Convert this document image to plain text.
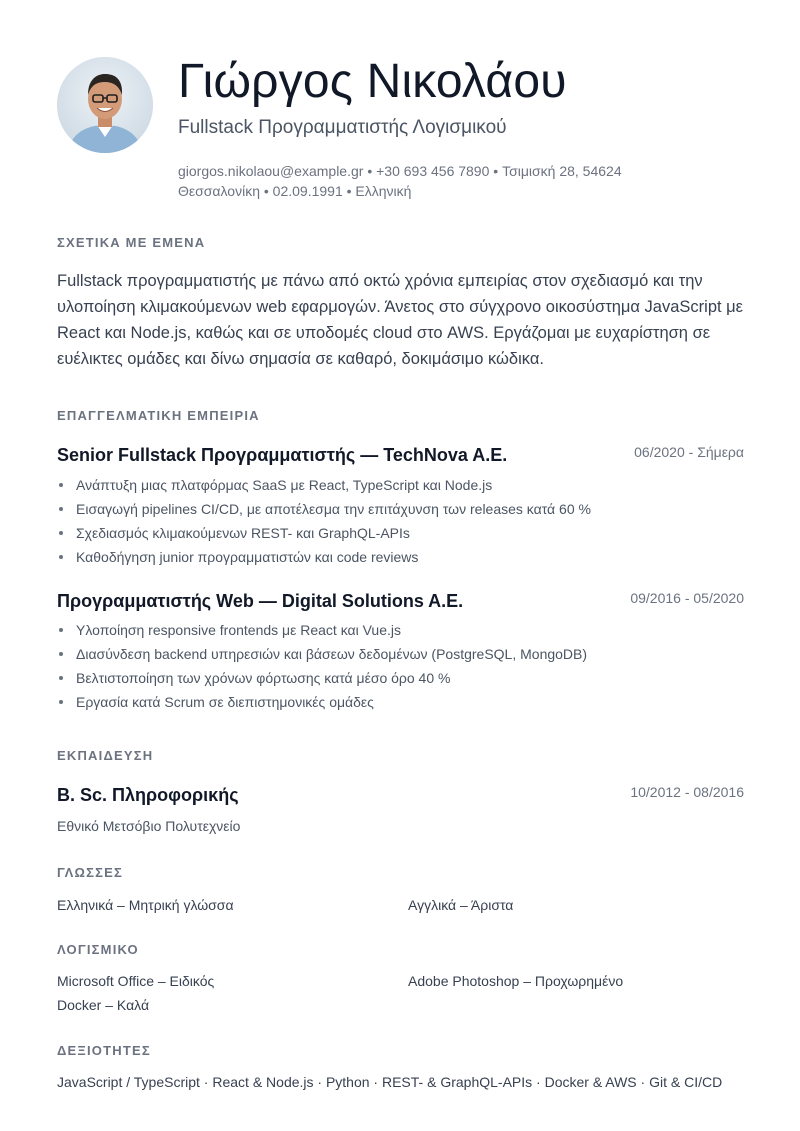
Γιώργος Νικολάου
Fullstack Προγραμματιστής Λογισμικού
giorgos.nikolaou@example.gr • +30 693 456 7890 • Τσιμισκή 28, 54624
Θεσσαλονίκη • 02.09.1991 • Ελληνική
ΣΧΕΤΙΚΑ ΜΕ ΕΜΕΝΑ

Fullstack προγραμματιστής με πάνω από οκτώ χρόνια εμπειρίας στον σχεδιασμό και την υλοποίηση κλιμακούμενων web εφαρμογών. Άνετος στο σύγχρονο οικοσύστημα JavaScript με React και Node.js, καθώς και σε υποδομές cloud στο AWS. Εργάζομαι με ευχαρίστηση σε ευέλικτες ομάδες και δίνω σημασία σε καθαρό, δοκιμάσιμο κώδικα.

ΕΠΑΓΓΕΛΜΑΤΙΚΗ ΕΜΠΕΙΡΙΑ
Senior Fullstack Προγραμματιστής — TechNova A.E.	06/2020 - Σήμερα
Ανάπτυξη μιας πλατφόρμας SaaS με React, TypeScript και Node.js
Εισαγωγή pipelines CI/CD, με αποτέλεσμα την επιτάχυνση των releases κατά 60 %
Σχεδιασμός κλιμακούμενων REST- και GraphQL-APIs
Καθοδήγηση junior προγραμματιστών και code reviews
Προγραμματιστής Web — Digital Solutions A.E.	09/2016 - 05/2020
Υλοποίηση responsive frontends με React και Vue.js
Διασύνδεση backend υπηρεσιών και βάσεων δεδομένων (PostgreSQL, MongoDB)
Βελτιστοποίηση των χρόνων φόρτωσης κατά μέσο όρο 40 %
Εργασία κατά Scrum σε διεπιστημονικές ομάδες
ΕΚΠΑΙΔΕΥΣΗ
B. Sc. Πληροφορικής	10/2012 - 08/2016
Εθνικό Μετσόβιο Πολυτεχνείο
ΓΛΩΣΣΕΣ
Ελληνικά – Μητρική γλώσσα	Αγγλικά – Άριστα
ΛΟΓΙΣΜΙΚΟ
Microsoft Office – Ειδικός	Adobe Photoshop – Προχωρημένο
Docker – Καλά
ΔΕΞΙΟΤΗΤΕΣ

JavaScript / TypeScript · React & Node.js · Python · REST- & GraphQL-APIs · Docker & AWS · Git & CI/CD
